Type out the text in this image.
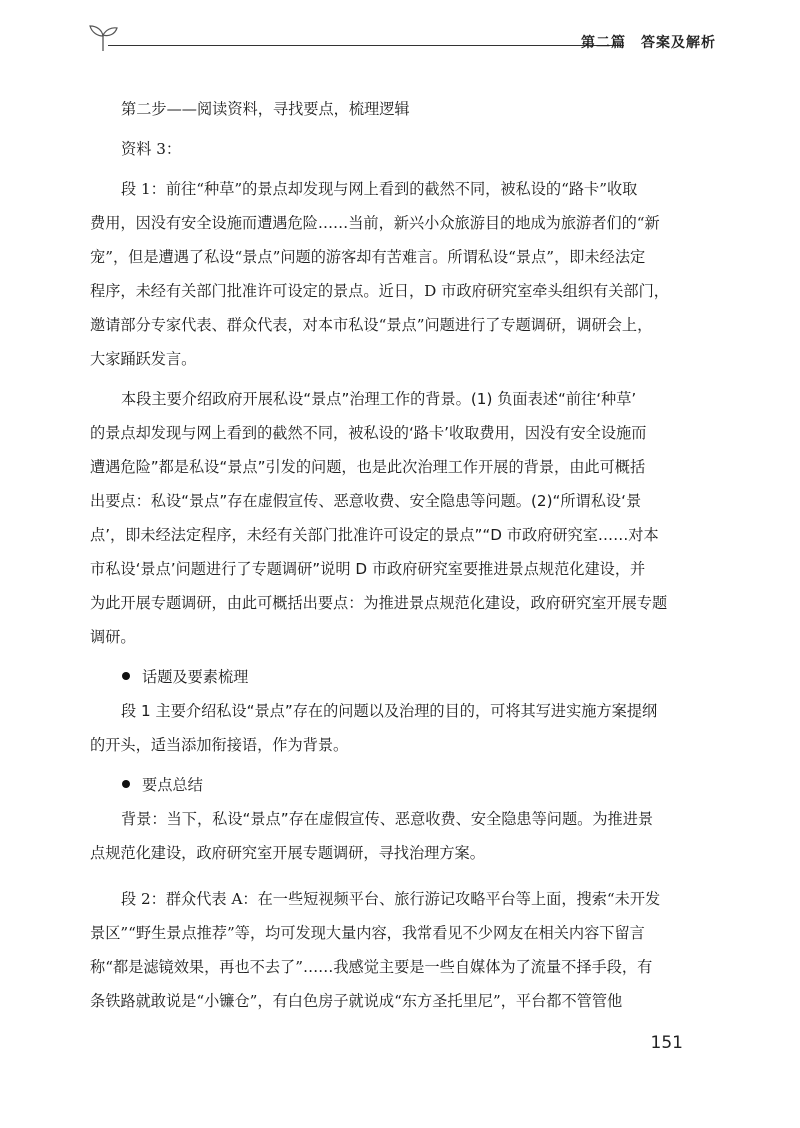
第二篇　答案及解析
第二步——阅读资料，寻找要点，梳理逻辑
资料 3：
段 1：前往“种草”的景点却发现与网上看到的截然不同，被私设的“路卡”收取
费用，因没有安全设施而遭遇危险……当前，新兴小众旅游目的地成为旅游者们的“新
宠”，但是遭遇了私设“景点”问题的游客却有苦难言。所谓私设“景点”，即未经法定
程序，未经有关部门批准许可设定的景点。近日，D 市政府研究室牵头组织有关部门，
邀请部分专家代表、群众代表，对本市私设“景点”问题进行了专题调研，调研会上，
大家踊跃发言。
本段主要介绍政府开展私设“景点”治理工作的背景。(1) 负面表述“前往‘种草’
的景点却发现与网上看到的截然不同，被私设的‘路卡’收取费用，因没有安全设施而
遭遇危险”都是私设“景点”引发的问题，也是此次治理工作开展的背景，由此可概括
出要点：私设“景点”存在虚假宣传、恶意收费、安全隐患等问题。(2)“所谓私设‘景
点’，即未经法定程序，未经有关部门批准许可设定的景点”“D 市政府研究室……对本
市私设‘景点’问题进行了专题调研”说明 D 市政府研究室要推进景点规范化建设，并
为此开展专题调研，由此可概括出要点：为推进景点规范化建设，政府研究室开展专题
调研。
话题及要素梳理
段 1 主要介绍私设“景点”存在的问题以及治理的目的，可将其写进实施方案提纲
的开头，适当添加衔接语，作为背景。
要点总结
背景：当下，私设“景点”存在虚假宣传、恶意收费、安全隐患等问题。为推进景
点规范化建设，政府研究室开展专题调研，寻找治理方案。
段 2：群众代表 A：在一些短视频平台、旅行游记攻略平台等上面，搜索“未开发
景区”“野生景点推荐”等，均可发现大量内容，我常看见不少网友在相关内容下留言
称“都是滤镜效果，再也不去了”……我感觉主要是一些自媒体为了流量不择手段，有
条铁路就敢说是“小镰仓”，有白色房子就说成“东方圣托里尼”，平台都不管管他
151
